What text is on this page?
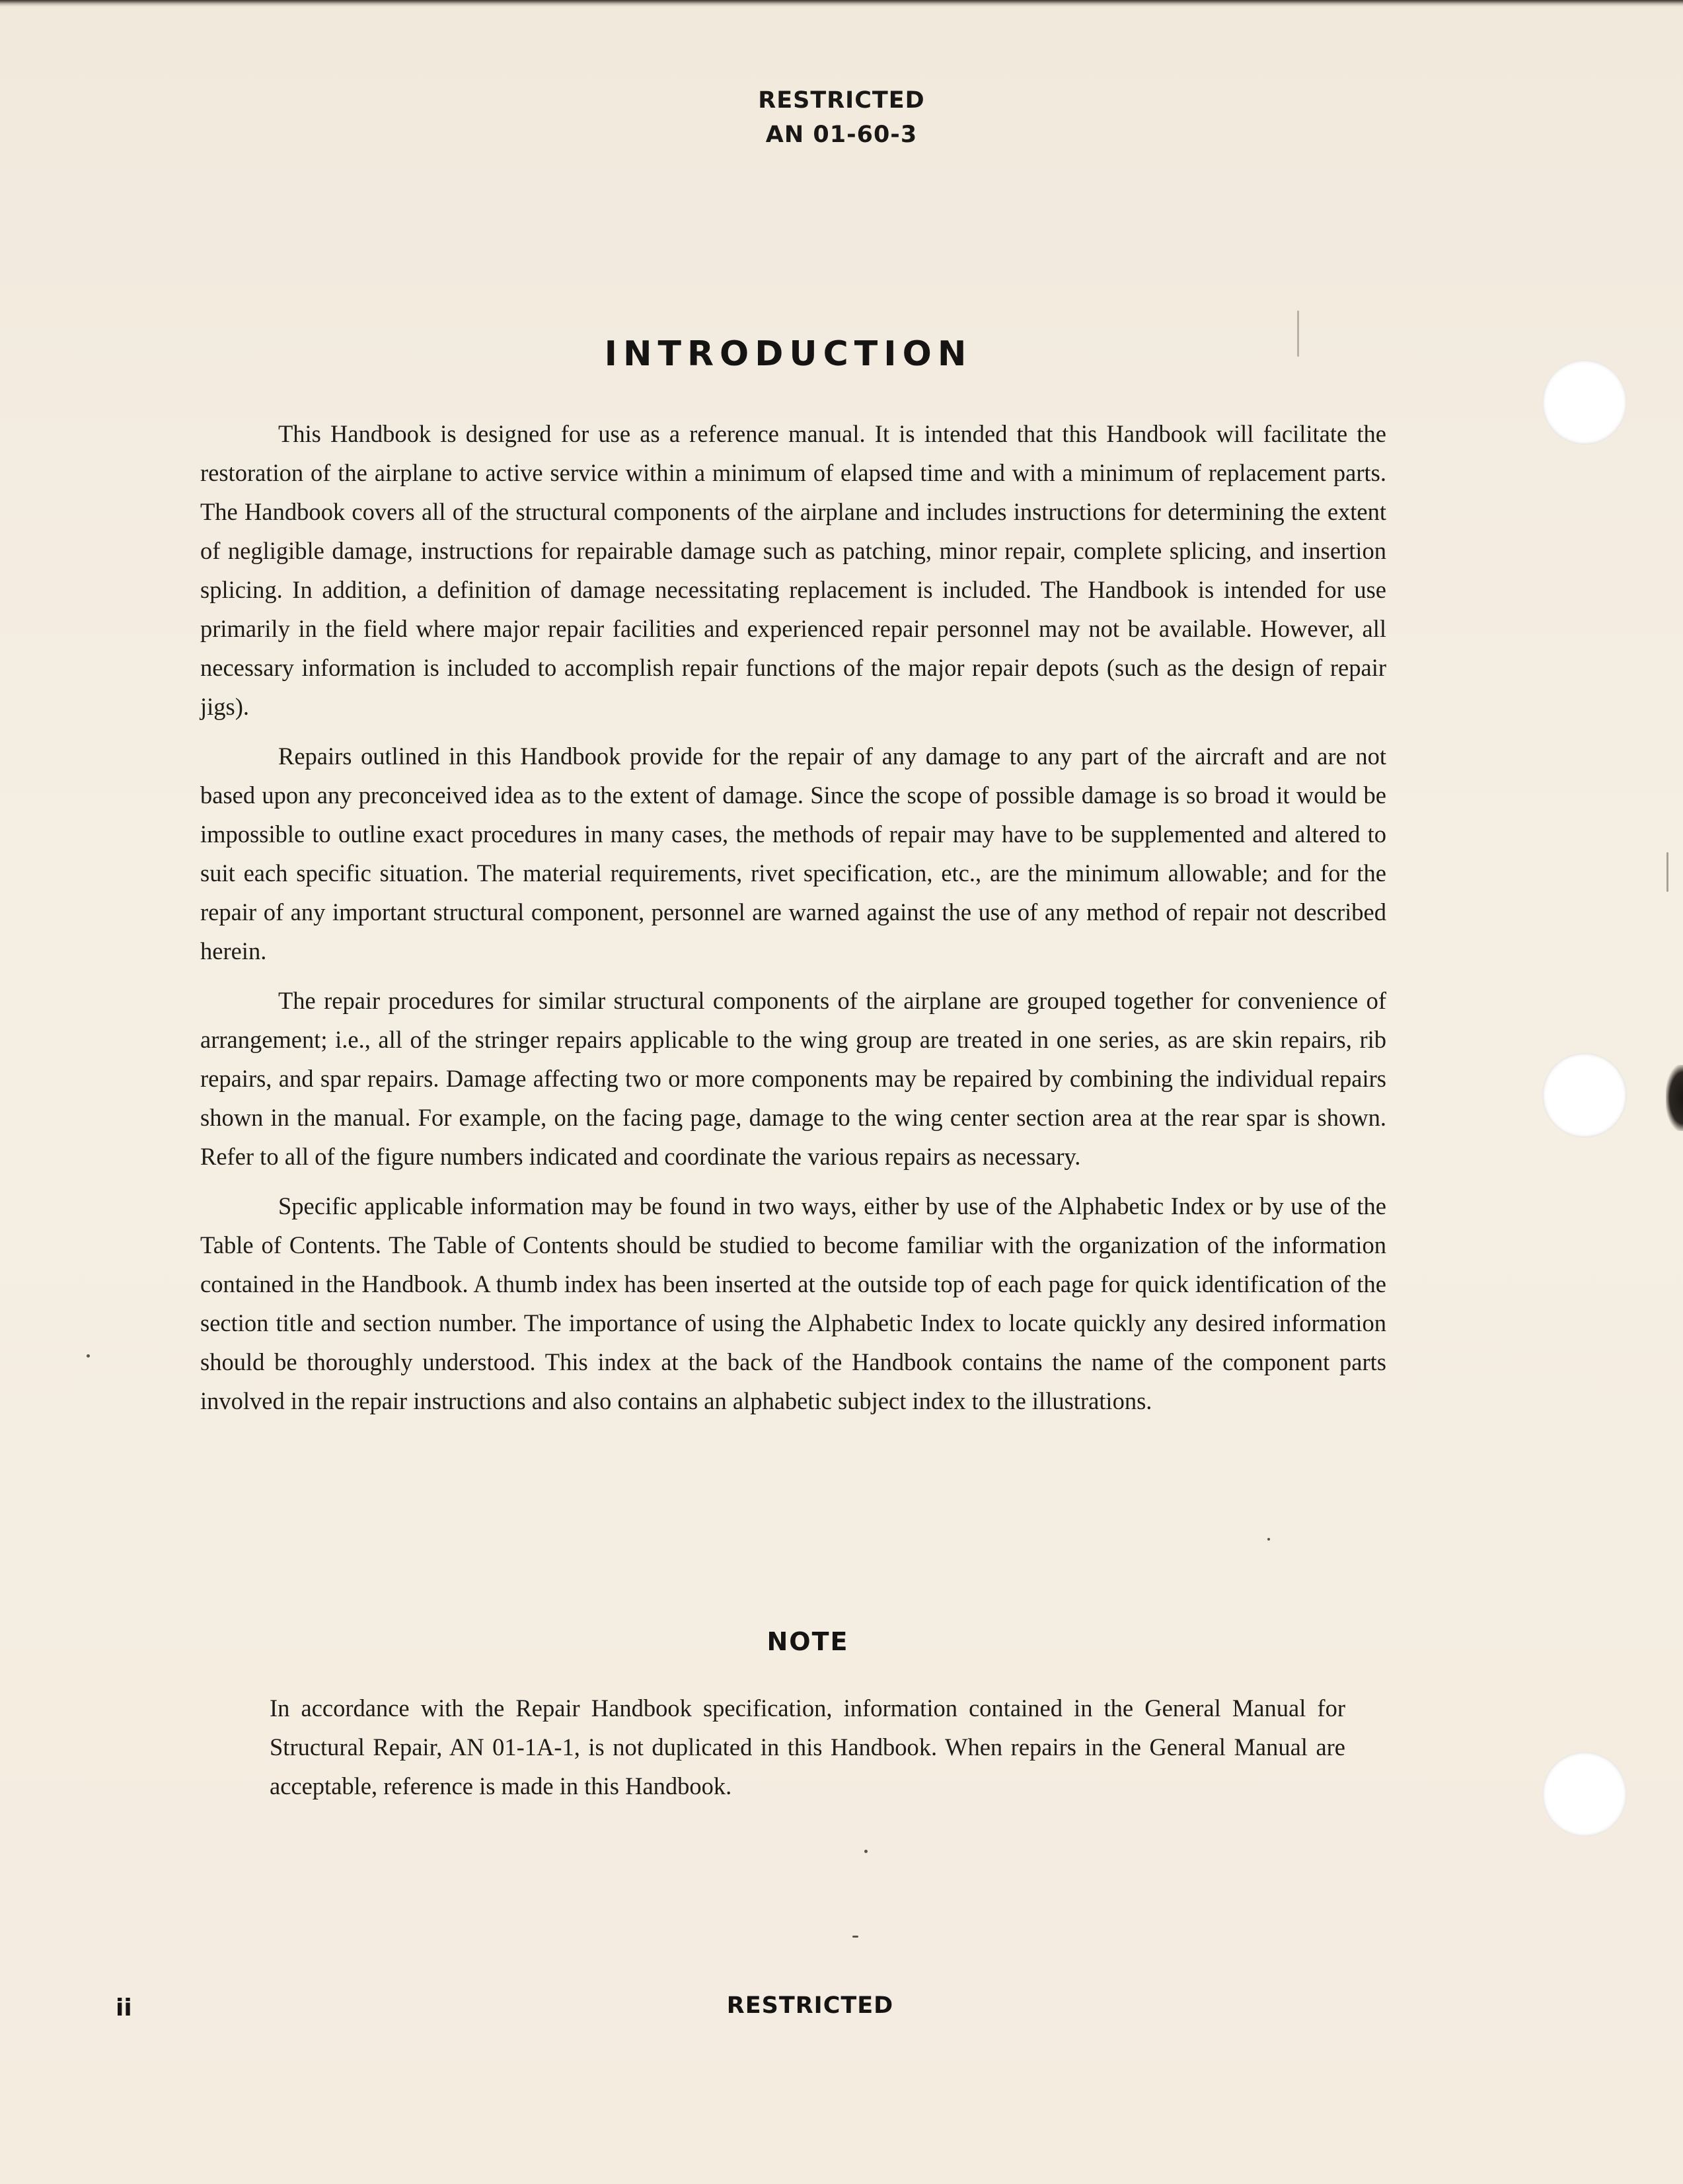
RESTRICTED
AN 01-60-3
INTRODUCTION

This Handbook is designed for use as a reference manual. It is intended that this Handbook will facilitate the restoration of the airplane to active service within a minimum of elapsed time and with a minimum of replacement parts. The Handbook covers all of the structural components of the airplane and includes instructions for determining the extent of negligible damage, instructions for repairable damage such as patching, minor repair, complete splicing, and insertion splicing. In addition, a definition of damage necessitating replacement is included. The Handbook is intended for use primarily in the field where major repair facilities and experienced repair personnel may not be available. However, all necessary information is included to accomplish repair functions of the major repair depots (such as the design of repair jigs).

Repairs outlined in this Handbook provide for the repair of any damage to any part of the aircraft and are not based upon any preconceived idea as to the extent of damage. Since the scope of possible damage is so broad it would be impossible to outline exact procedures in many cases, the methods of repair may have to be supplemented and altered to suit each specific situation. The material requirements, rivet specification, etc., are the minimum allowable; and for the repair of any important structural component, personnel are warned against the use of any method of repair not described herein.

The repair procedures for similar structural components of the airplane are grouped together for convenience of arrangement; i.e., all of the stringer repairs applicable to the wing group are treated in one series, as are skin repairs, rib repairs, and spar repairs. Damage affecting two or more components may be repaired by combining the individual repairs shown in the manual. For example, on the facing page, damage to the wing center section area at the rear spar is shown. Refer to all of the figure numbers indicated and coordinate the various repairs as necessary.

Specific applicable information may be found in two ways, either by use of the Alphabetic Index or by use of the Table of Contents. The Table of Contents should be studied to become familiar with the organization of the information contained in the Handbook. A thumb index has been inserted at the outside top of each page for quick identification of the section title and section number. The importance of using the Alphabetic Index to locate quickly any desired information should be thoroughly understood. This index at the back of the Handbook contains the name of the component parts involved in the repair instructions and also contains an alphabetic subject index to the illustrations.

NOTE
In accordance with the Repair Handbook specification, information contained in the General Manual for Structural Repair, AN 01-1A-1, is not duplicated in this Handbook. When repairs in the General Manual are acceptable, reference is made in this Handbook.
ii	RESTRICTED
